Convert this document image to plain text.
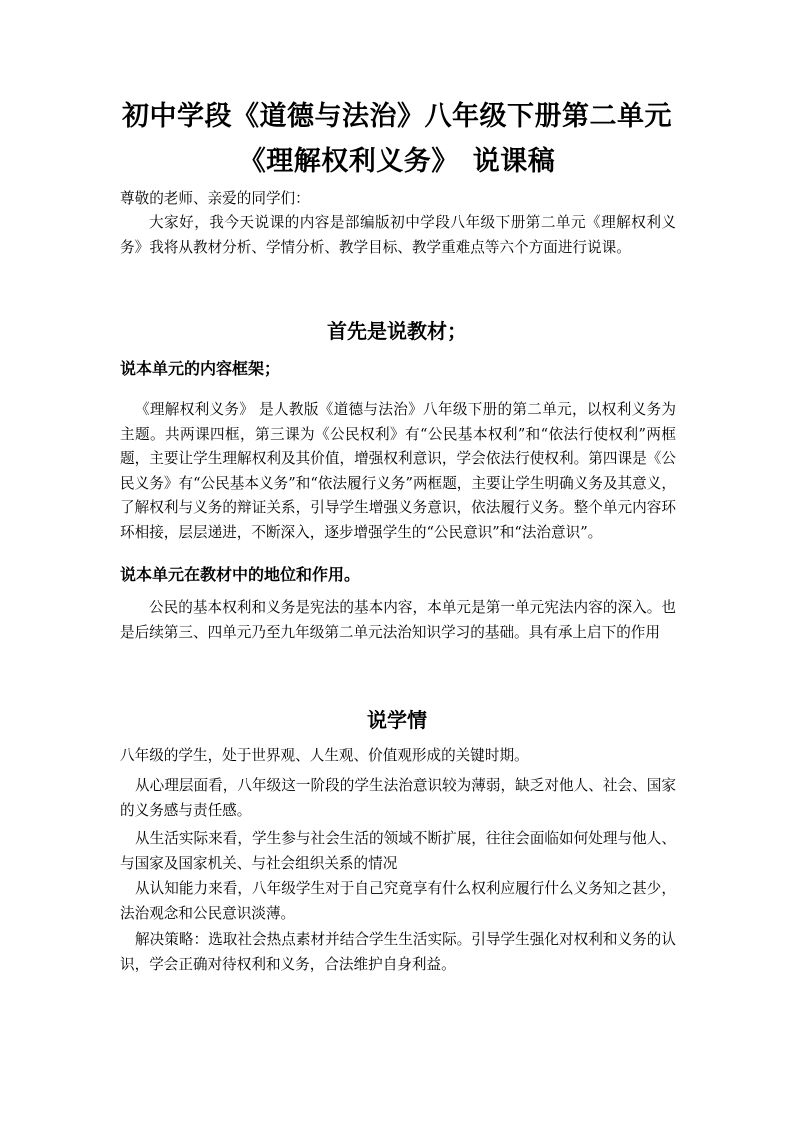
初中学段《道德与法治》八年级下册第二单元
《理解权利义务》　说课稿

尊敬的老师、亲爱的同学们：

大家好，我今天说课的内容是部编版初中学段八年级下册第二单元《理解权利义务》我将从教材分析、学情分析、教学目标、教学重难点等六个方面进行说课。

首先是说教材；
说本单元的内容框架；

《理解权利义务》 是人教版《道德与法治》八年级下册的第二单元，以权利义务为主题。共两课四框，第三课为《公民权利》有“公民基本权利”和“依法行使权利”两框题，主要让学生理解权利及其价值，增强权利意识，学会依法行使权利。第四课是《公民义务》有“公民基本义务”和“依法履行义务”两框题，主要让学生明确义务及其意义，了解权利与义务的辩证关系，引导学生增强义务意识，依法履行义务。整个单元内容环环相接，层层递进，不断深入，逐步增强学生的“公民意识”和“法治意识”。

说本单元在教材中的地位和作用。

公民的基本权利和义务是宪法的基本内容，本单元是第一单元宪法内容的深入。也是后续第三、四单元乃至九年级第二单元法治知识学习的基础。具有承上启下的作用

说学情

八年级的学生，处于世界观、人生观、价值观形成的关键时期。

从心理层面看，八年级这一阶段的学生法治意识较为薄弱，缺乏对他人、社会、国家的义务感与责任感。

从生活实际来看，学生参与社会生活的领域不断扩展，往往会面临如何处理与他人、与国家及国家机关、与社会组织关系的情况

从认知能力来看，八年级学生对于自己究竟享有什么权利应履行什么义务知之甚少，法治观念和公民意识淡薄。

解决策略：选取社会热点素材并结合学生生活实际。引导学生强化对权利和义务的认识，学会正确对待权利和义务，合法维护自身利益。
